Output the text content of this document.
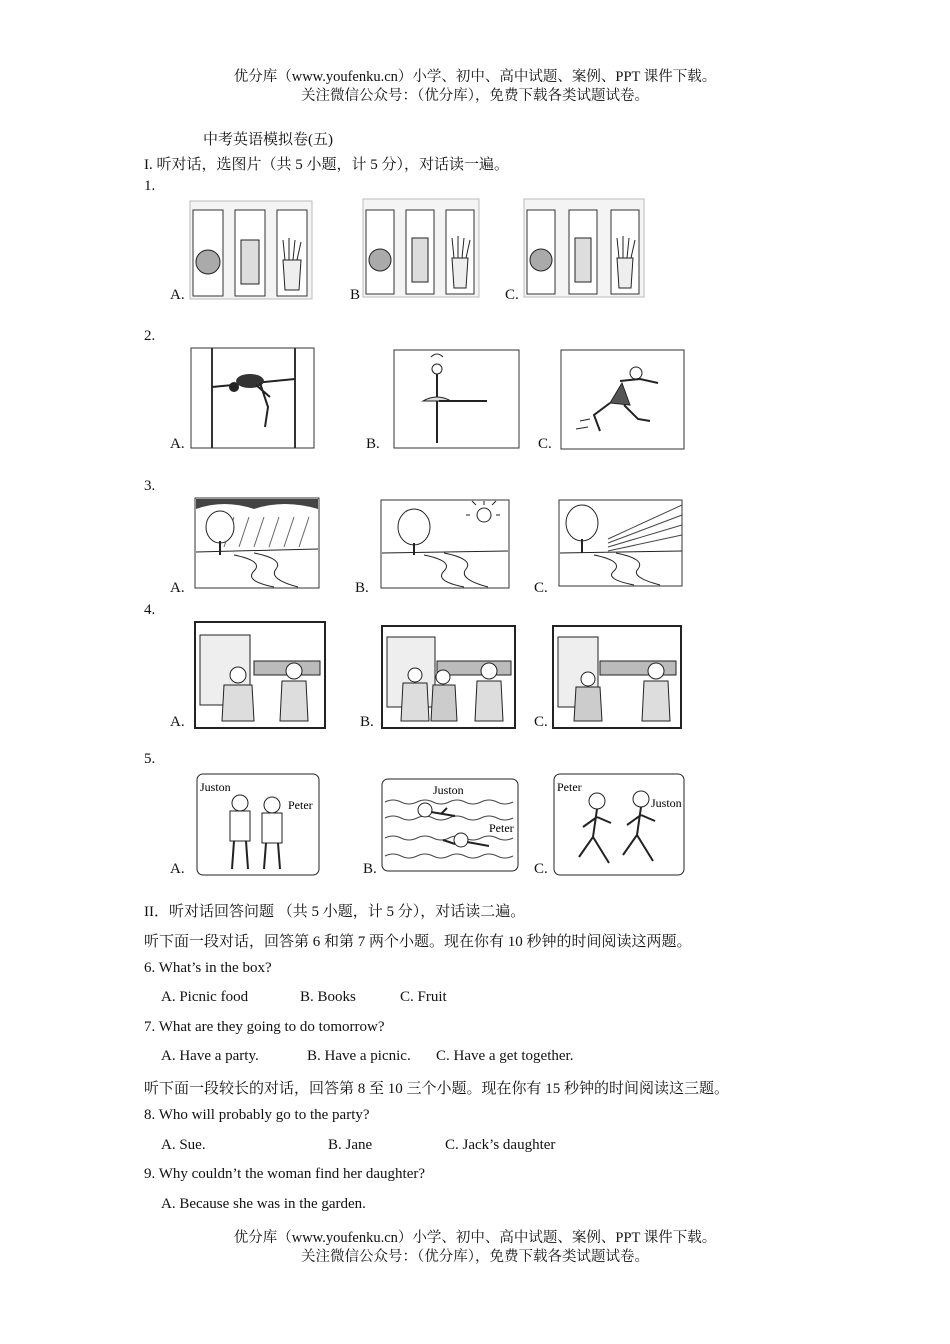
优分库（www.youfenku.cn）小学、初中、高中试题、案例、PPT 课件下载。
关注微信公众号：（优分库），免费下载各类试题试卷。
中考英语模拟卷(五)
I. 听对话，选图片（共 5 小题，计 5 分），对话读一遍。
1.
A.	B	C.
2.
A.	B.	C.
3.
A.	B.	C.
4.
A.	B.	C.
5.
A.	B.	C.
Juston
Peter
Juston
Peter
Peter
Juston
II．听对话回答问题 （共 5 小题，计 5 分），对话读二遍。
听下面一段对话，回答第 6 和第 7 两个小题。现在你有 10 秒钟的时间阅读这两题。
6. What’s in the box?
A. Picnic food	B. Books	C. Fruit
7. What are they going to do tomorrow?
A. Have a party.	B. Have a picnic. C. Have a get together.
听下面一段较长的对话，回答第 8 至 10 三个小题。现在你有 15 秒钟的时间阅读这三题。
8. Who will probably go to the party?
A. Sue.	B. Jane	C. Jack’s daughter
9. Why couldn’t the woman find her daughter?
A. Because she was in the garden.
优分库（www.youfenku.cn）小学、初中、高中试题、案例、PPT 课件下载。
关注微信公众号：（优分库），免费下载各类试题试卷。
